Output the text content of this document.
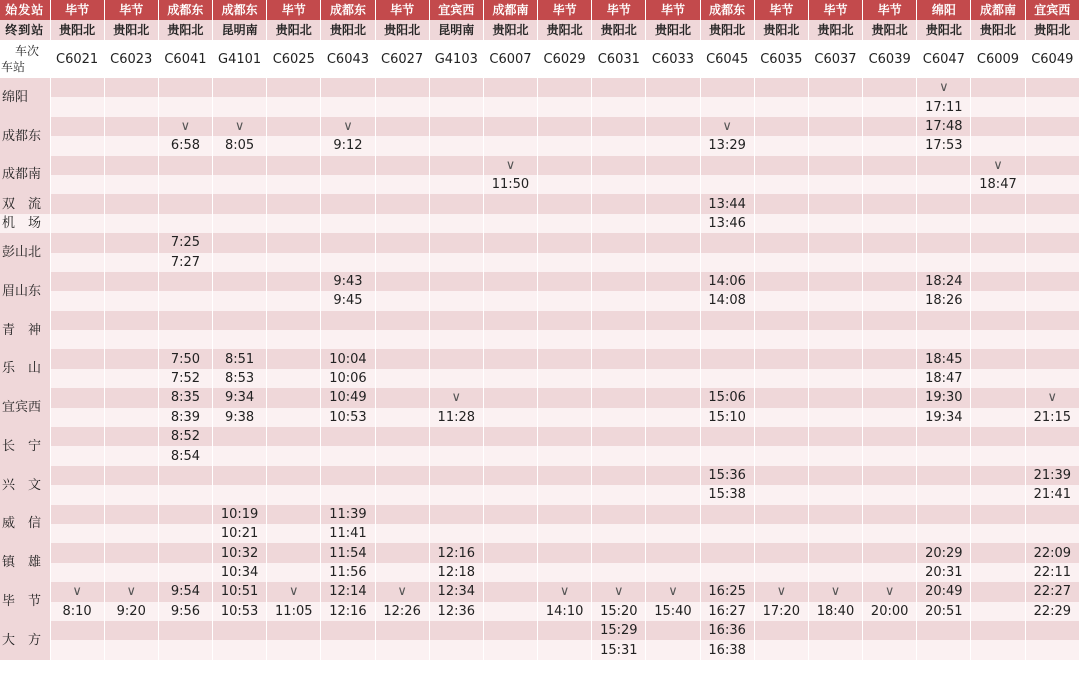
始发站	毕节	毕节	成都东	成都东	毕节	成都东	毕节	宜宾西	成都南	毕节	毕节	毕节	成都东	毕节	毕节	毕节	绵阳	成都南	宜宾西
终到站	贵阳北	贵阳北	贵阳北	昆明南	贵阳北	贵阳北	贵阳北	昆明南	贵阳北	贵阳北	贵阳北	贵阳北	贵阳北	贵阳北	贵阳北	贵阳北	贵阳北	贵阳北	贵阳北

车次
车站	C6021	C6023	C6041	G4101	C6025	C6043	C6027	G4103	C6007	C6029	C6031	C6033	C6045	C6035	C6037	C6039	C6047	C6009	C6049
绵阳																	∨		
																	17:11		
成都东			∨	∨		∨							∨				17:48		
			6:58	8:05		9:12							13:29				17:53		
成都南									∨									∨	
									11:50									18:47	
双　流													13:44						
机　场													13:46						
彭山北			7:25																
			7:27																
眉山东						9:43							14:06				18:24		
						9:45							14:08				18:26		
青　神																			

乐　山			7:50	8:51		10:04											18:45		
			7:52	8:53		10:06											18:47		
宜宾西			8:35	9:34		10:49		∨					15:06				19:30		∨
			8:39	9:38		10:53		11:28					15:10				19:34		21:15
长　宁			8:52																
			8:54																
兴　文													15:36						21:39
													15:38						21:41
威　信				10:19		11:39													
				10:21		11:41													
镇　雄				10:32		11:54		12:16									20:29		22:09
				10:34		11:56		12:18									20:31		22:11
毕　节	∨	∨	9:54	10:51	∨	12:14	∨	12:34		∨	∨	∨	16:25	∨	∨	∨	20:49		22:27
	8:10	9:20	9:56	10:53	11:05	12:16	12:26	12:36		14:10	15:20	15:40	16:27	17:20	18:40	20:00	20:51		22:29
大　方											15:29		16:36						
											15:31		16:38						
